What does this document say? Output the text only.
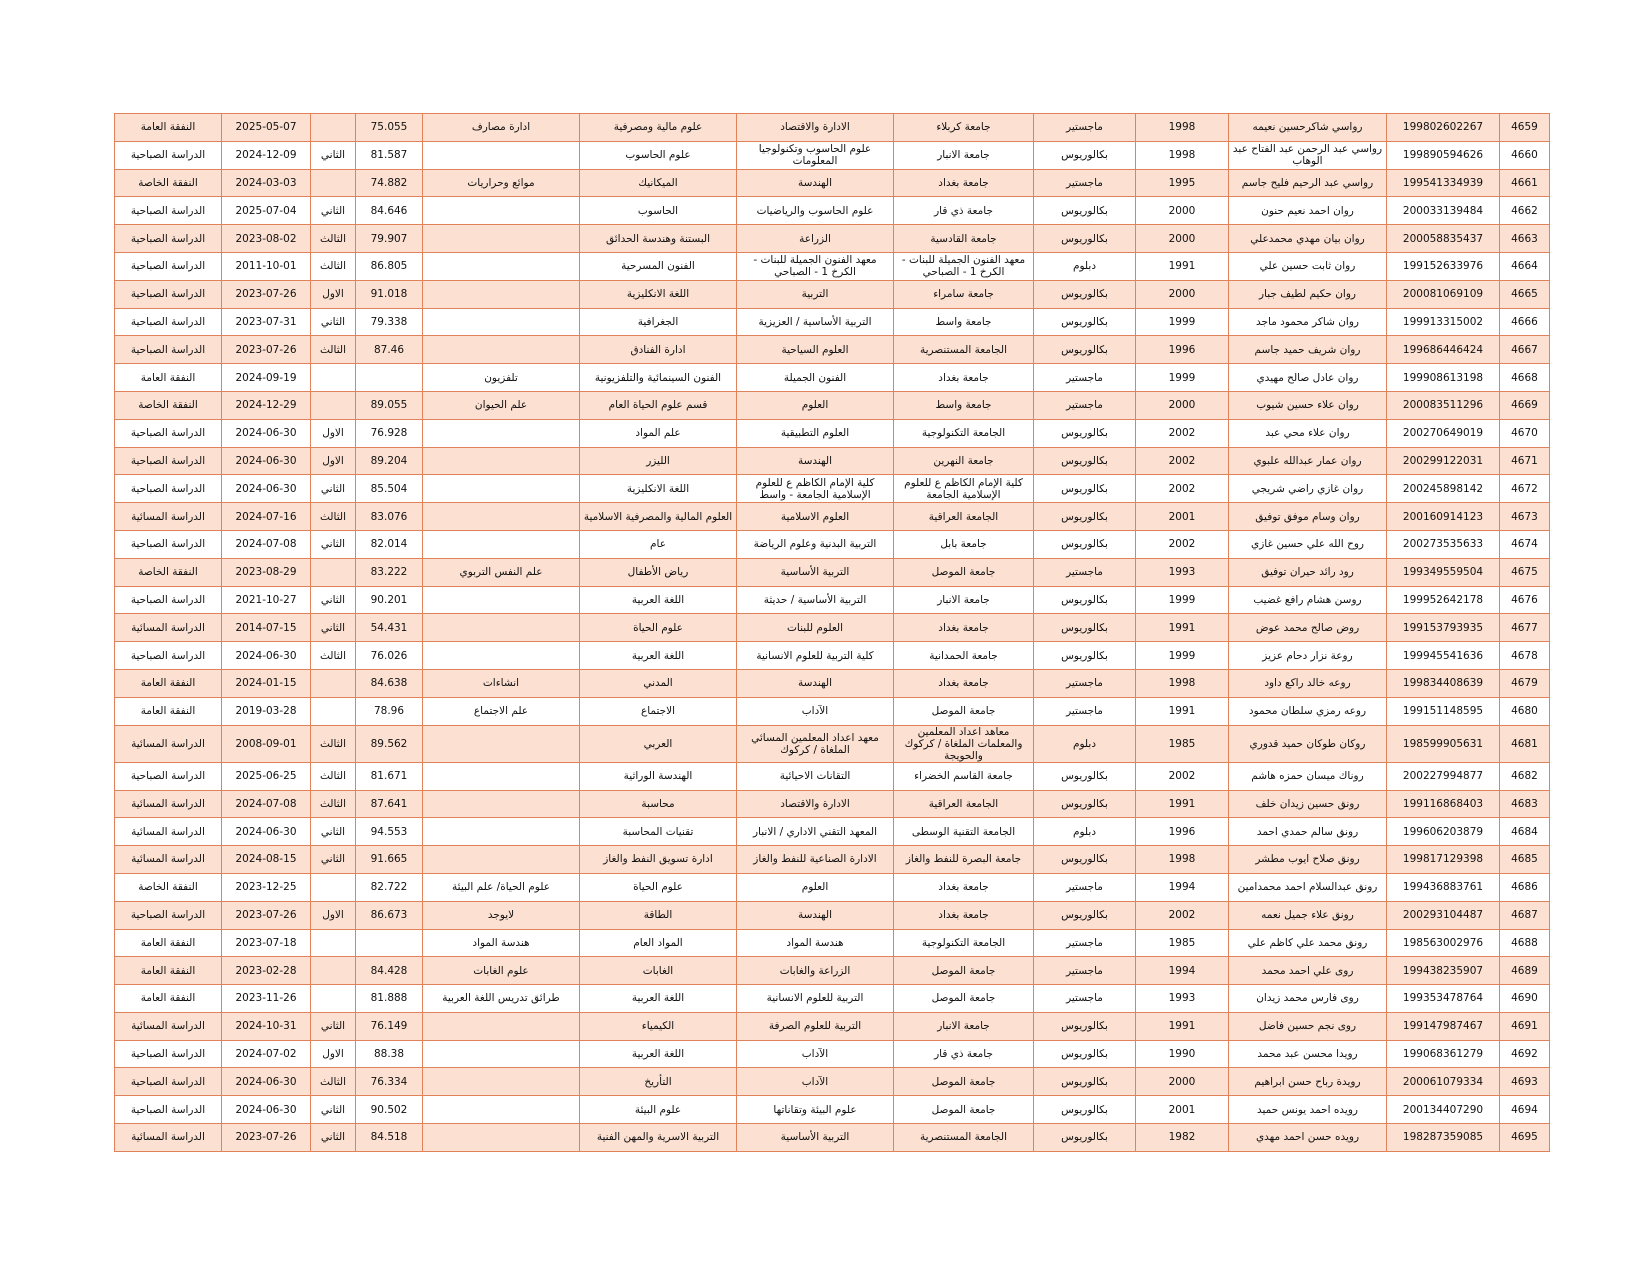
4659	199802602267	رواسي شاكرحسين نعيمه	1998	ماجستير	جامعة كربلاء	الادارة والاقتصاد	علوم مالية ومصرفية	ادارة مصارف	75.055		2025-05-07	النفقة العامة
4660	199890594626	رواسي عبد الرحمن عبد الفتاح عبد الوهاب	1998	بكالوريوس	جامعة الانبار	علوم الحاسوب وتكنولوجيا المعلومات	علوم الحاسوب		81.587	الثاني	2024-12-09	الدراسة الصباحية
4661	199541334939	رواسي عبد الرحيم فليح جاسم	1995	ماجستير	جامعة بغداد	الهندسة	الميكانيك	موائع وحراريات	74.882		2024-03-03	النفقة الخاصة
4662	200033139484	روان احمد نعيم حنون	2000	بكالوريوس	جامعة ذي قار	علوم الحاسوب والرياضيات	الحاسوب		84.646	الثاني	2025-07-04	الدراسة الصباحية
4663	200058835437	روان بيان مهدي محمدعلي	2000	بكالوريوس	جامعة القادسية	الزراعة	البستنة وهندسة الحدائق		79.907	الثالث	2023-08-02	الدراسة الصباحية
4664	199152633976	روان ثابت حسين علي	1991	دبلوم	معهد الفنون الجميلة للبنات - الكرخ 1 - الصباحي	معهد الفنون الجميلة للبنات - الكرخ 1 - الصباحي	الفنون المسرحية		86.805	الثالث	2011-10-01	الدراسة الصباحية
4665	200081069109	روان حكيم لطيف جبار	2000	بكالوريوس	جامعة سامراء	التربية	اللغة الانكليزية		91.018	الاول	2023-07-26	الدراسة الصباحية
4666	199913315002	روان شاكر محمود ماجد	1999	بكالوريوس	جامعة واسط	التربية الأساسية / العزيزية	الجغرافية		79.338	الثاني	2023-07-31	الدراسة الصباحية
4667	199686446424	روان شريف حميد جاسم	1996	بكالوريوس	الجامعة المستنصرية	العلوم السياحية	ادارة الفنادق		87.46	الثالث	2023-07-26	الدراسة الصباحية
4668	199908613198	روان عادل صالح مهيدي	1999	ماجستير	جامعة بغداد	الفنون الجميلة	الفنون السينمائية والتلفزيونية	تلفزيون			2024-09-19	النفقة العامة
4669	200083511296	روان علاء حسين شيوب	2000	ماجستير	جامعة واسط	العلوم	قسم علوم الحياة العام	علم الحيوان	89.055		2024-12-29	النفقة الخاصة
4670	200270649019	روان علاء محي عبد	2002	بكالوريوس	الجامعة التكنولوجية	العلوم التطبيقية	علم المواد		76.928	الاول	2024-06-30	الدراسة الصباحية
4671	200299122031	روان عمار عبدالله علبوي	2002	بكالوريوس	جامعة النهرين	الهندسة	الليزر		89.204	الاول	2024-06-30	الدراسة الصباحية
4672	200245898142	روان غازي راضي شريجي	2002	بكالوريوس	كلية الإمام الكاظم ع للعلوم الإسلامية الجامعة	كلية الإمام الكاظم ع للعلوم الإسلامية الجامعة - واسط	اللغة الانكليزية		85.504	الثاني	2024-06-30	الدراسة الصباحية
4673	200160914123	روان وسام موفق توفيق	2001	بكالوريوس	الجامعة العراقية	العلوم الاسلامية	العلوم المالية والمصرفية الاسلامية		83.076	الثالث	2024-07-16	الدراسة المسائية
4674	200273535633	روح الله علي حسين غازي	2002	بكالوريوس	جامعة بابل	التربية البدنية وعلوم الرياضة	عام		82.014	الثاني	2024-07-08	الدراسة الصباحية
4675	199349559504	رود رائد حيران توفيق	1993	ماجستير	جامعة الموصل	التربية الأساسية	رياض الأطفال	علم النفس التربوي	83.222		2023-08-29	النفقة الخاصة
4676	199952642178	روسن هشام رافع غضيب	1999	بكالوريوس	جامعة الانبار	التربية الأساسية / حديثة	اللغة العربية		90.201	الثاني	2021-10-27	الدراسة الصباحية
4677	199153793935	روض صالح محمد عوض	1991	بكالوريوس	جامعة بغداد	العلوم للبنات	علوم الحياة		54.431	الثاني	2014-07-15	الدراسة المسائية
4678	199945541636	روعة نزار دحام عزيز	1999	بكالوريوس	جامعة الحمدانية	كلية التربية للعلوم الانسانية	اللغة العربية		76.026	الثالث	2024-06-30	الدراسة الصباحية
4679	199834408639	روعه خالد راكع داود	1998	ماجستير	جامعة بغداد	الهندسة	المدني	انشاءات	84.638		2024-01-15	النفقة العامة
4680	199151148595	روعه رمزي سلطان محمود	1991	ماجستير	جامعة الموصل	الآداب	الاجتماع	علم الاجتماع	78.96		2019-03-28	النفقة العامة
4681	198599905631	روكان طوكان حميد قدوري	1985	دبلوم	معاهد اعداد المعلمين والمعلمات الملغاة / كركوك والحويجة	معهد اعداد المعلمين المسائي الملغاة / كركوك	العربي		89.562	الثالث	2008-09-01	الدراسة المسائية
4682	200227994877	روناك ميسان حمزه هاشم	2002	بكالوريوس	جامعة القاسم الخضراء	التقانات الاحيائية	الهندسة الوراثية		81.671	الثالث	2025-06-25	الدراسة الصباحية
4683	199116868403	رونق حسين زيدان خلف	1991	بكالوريوس	الجامعة العراقية	الادارة والاقتصاد	محاسبة		87.641	الثالث	2024-07-08	الدراسة المسائية
4684	199606203879	رونق سالم حمدي احمد	1996	دبلوم	الجامعة التقنية الوسطى	المعهد التقني الاداري / الانبار	تقنيات المحاسبة		94.553	الثاني	2024-06-30	الدراسة المسائية
4685	199817129398	رونق صلاح ايوب مطشر	1998	بكالوريوس	جامعة البصرة للنفط والغاز	الادارة الصناعية للنفط والغاز	ادارة تسويق النفط والغاز		91.665	الثاني	2024-08-15	الدراسة المسائية
4686	199436883761	رونق عبدالسلام احمد محمدامين	1994	ماجستير	جامعة بغداد	العلوم	علوم الحياة	علوم الحياة/ علم البيئة	82.722		2023-12-25	النفقة الخاصة
4687	200293104487	رونق علاء جميل نعمه	2002	بكالوريوس	جامعة بغداد	الهندسة	الطاقة	لايوجد	86.673	الاول	2023-07-26	الدراسة الصباحية
4688	198563002976	رونق محمد علي كاظم علي	1985	ماجستير	الجامعة التكنولوجية	هندسة المواد	المواد العام	هندسة المواد			2023-07-18	النفقة العامة
4689	199438235907	روى علي احمد محمد	1994	ماجستير	جامعة الموصل	الزراعة والغابات	الغابات	علوم الغابات	84.428		2023-02-28	النفقة العامة
4690	199353478764	روى فارس محمد زيدان	1993	ماجستير	جامعة الموصل	التربية للعلوم الانسانية	اللغة العربية	طرائق تدريس اللغة العربية	81.888		2023-11-26	النفقة العامة
4691	199147987467	روى نجم حسين فاضل	1991	بكالوريوس	جامعة الانبار	التربية للعلوم الصرفة	الكيمياء		76.149	الثاني	2024-10-31	الدراسة المسائية
4692	199068361279	رويدا محسن عبد محمد	1990	بكالوريوس	جامعة ذي قار	الآداب	اللغة العربية		88.38	الاول	2024-07-02	الدراسة الصباحية
4693	200061079334	رويدة رباح حسن ابراهيم	2000	بكالوريوس	جامعة الموصل	الآداب	التأريخ		76.334	الثالث	2024-06-30	الدراسة الصباحية
4694	200134407290	رويده احمد يونس حميد	2001	بكالوريوس	جامعة الموصل	علوم البيئة وتقاناتها	علوم البيئة		90.502	الثاني	2024-06-30	الدراسة الصباحية
4695	198287359085	رويده حسن احمد مهدي	1982	بكالوريوس	الجامعة المستنصرية	التربية الأساسية	التربية الاسرية والمهن الفنية		84.518	الثاني	2023-07-26	الدراسة المسائية
